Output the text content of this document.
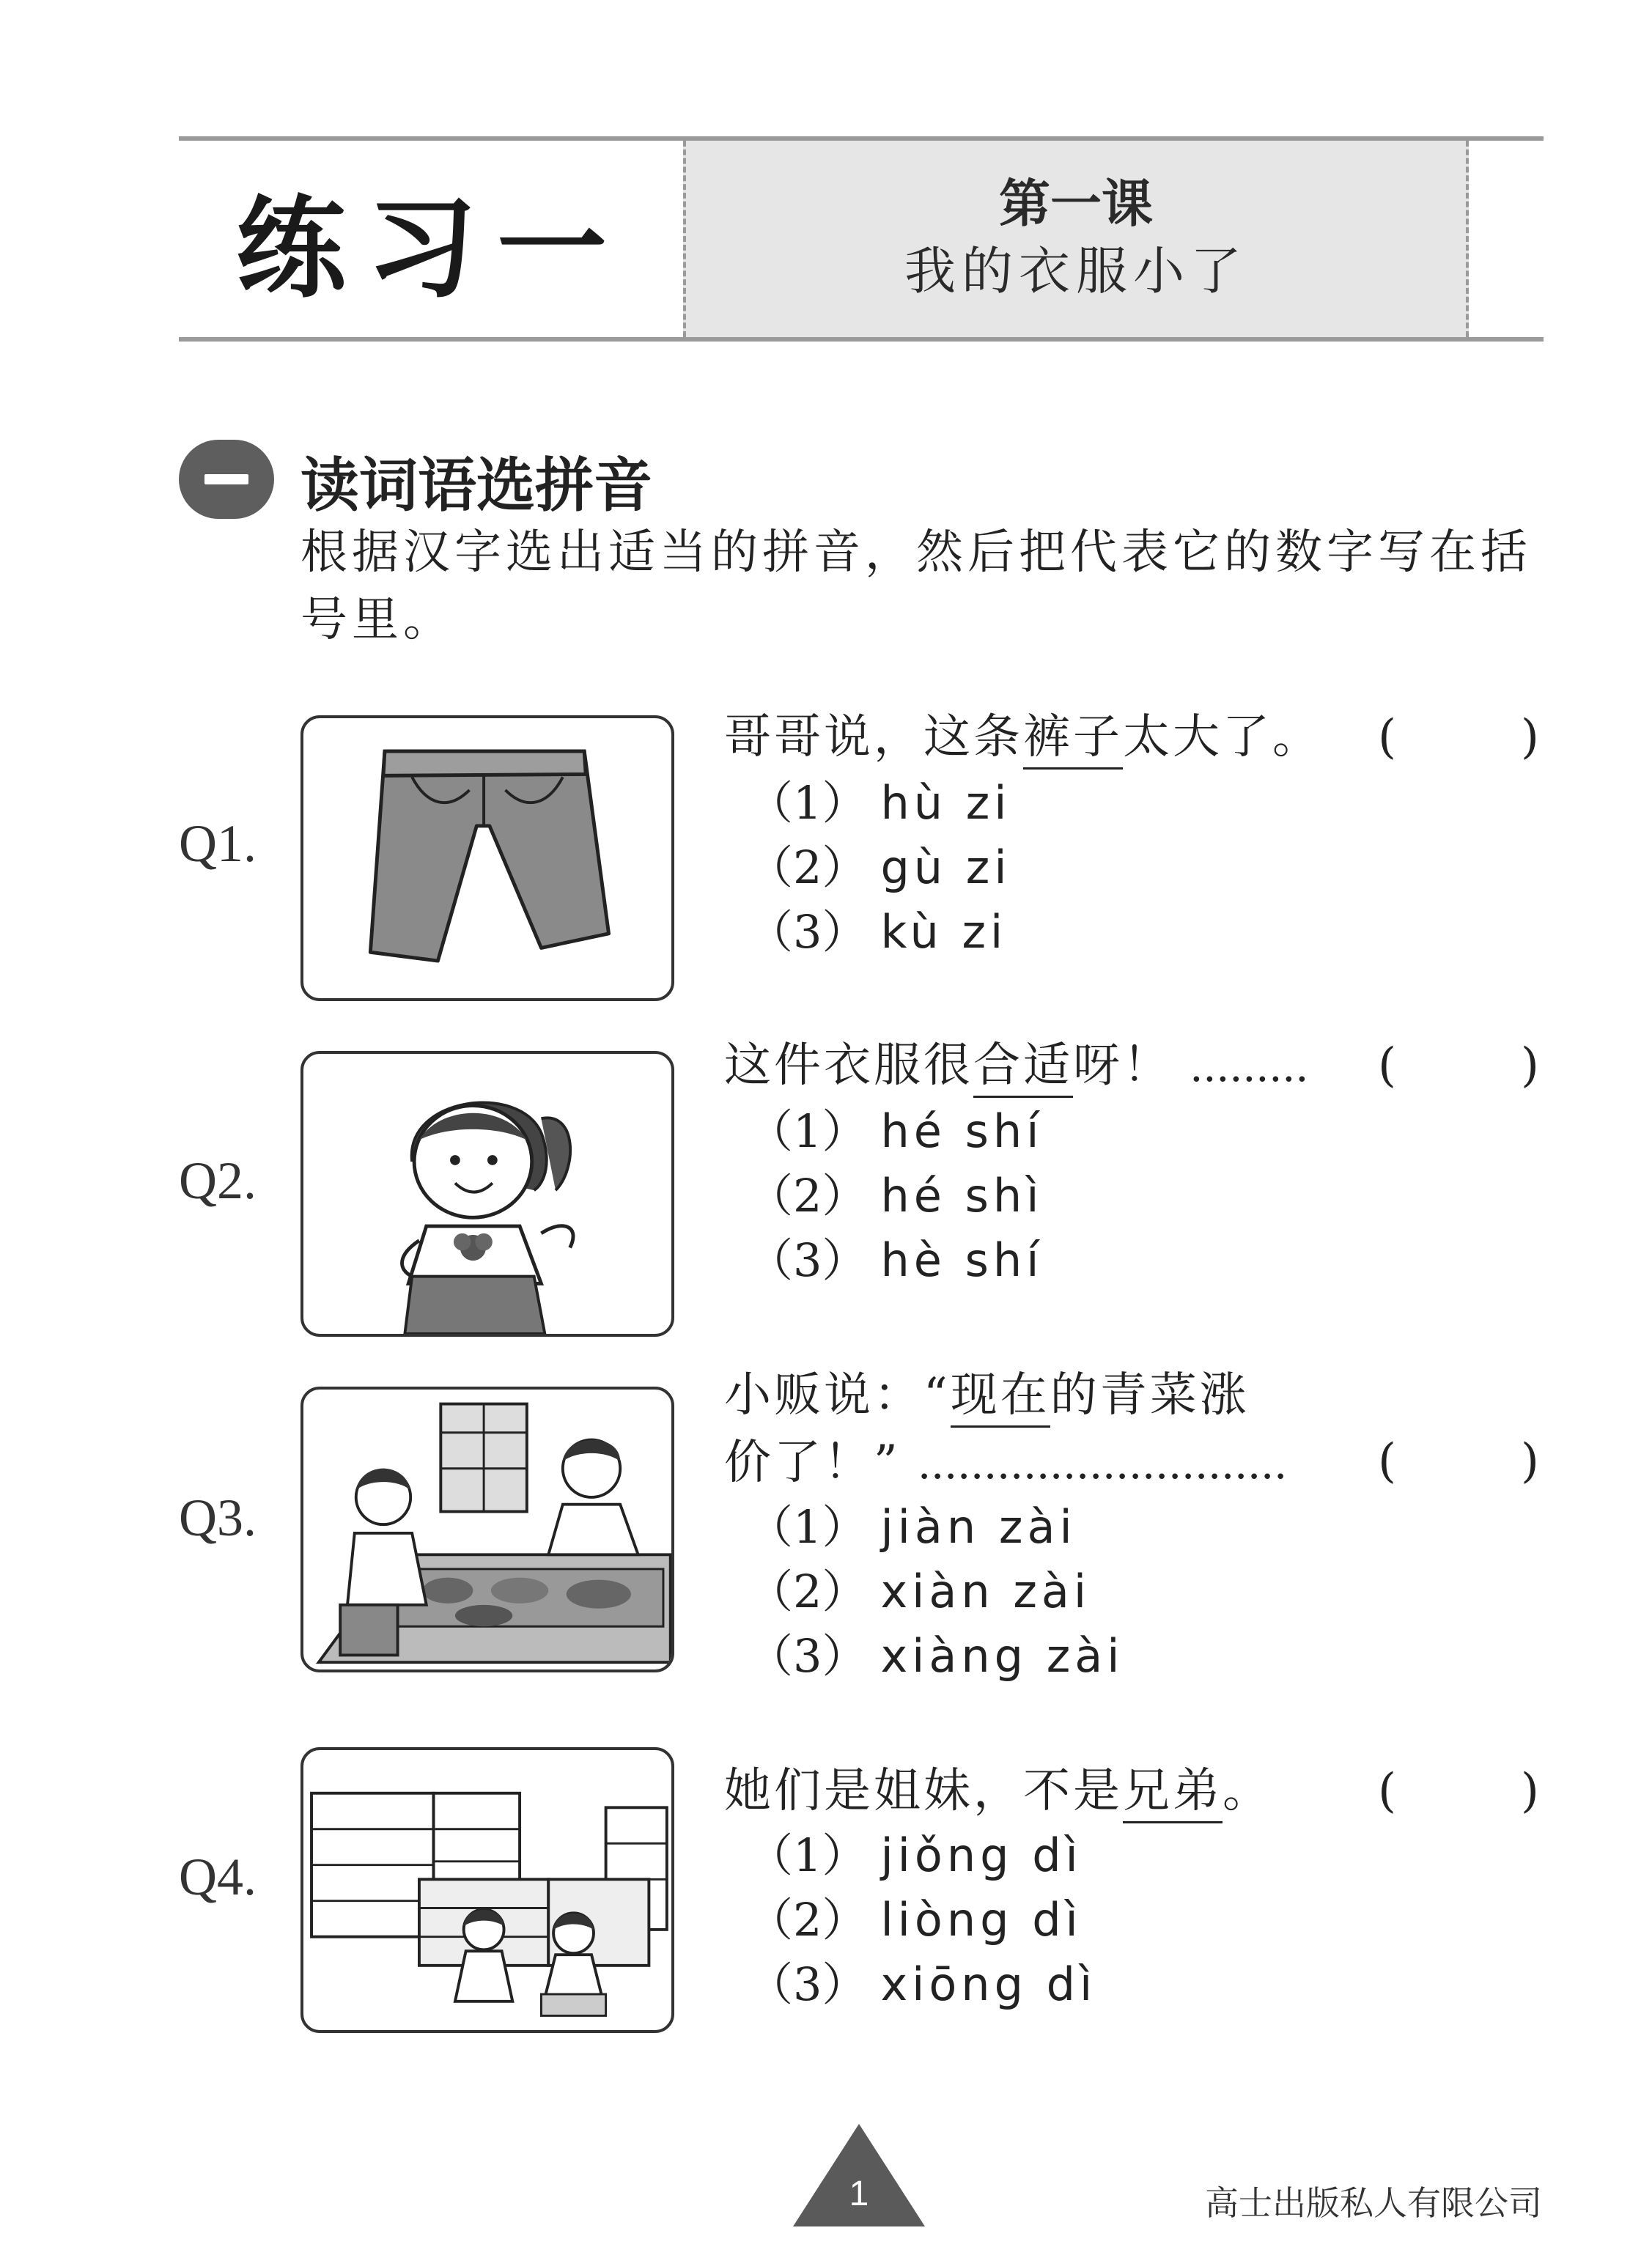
练习一	第一课
我的衣服小了
读词语选拼音
根据汉字选出适当的拼音，然后把代表它的数字写在括号里。
Q1.
哥哥说，这条裤子太大了。	(	)
（1） hù zi
（2） gù zi
（3） kù zi
Q2.
这件衣服很合适呀！ .........	(	)
（1） hé shí
（2） hé shì
（3） hè shí
Q3.
小贩说：“现在的青菜涨
价了！” ............................	(	)
（1） jiàn zài
（2） xiàn zài
（3） xiàng zài
Q4.
她们是姐妹，不是兄弟。	(	)
（1） jiǒng dì
（2） liòng dì
（3） xiōng dì
1	高士出版私人有限公司
